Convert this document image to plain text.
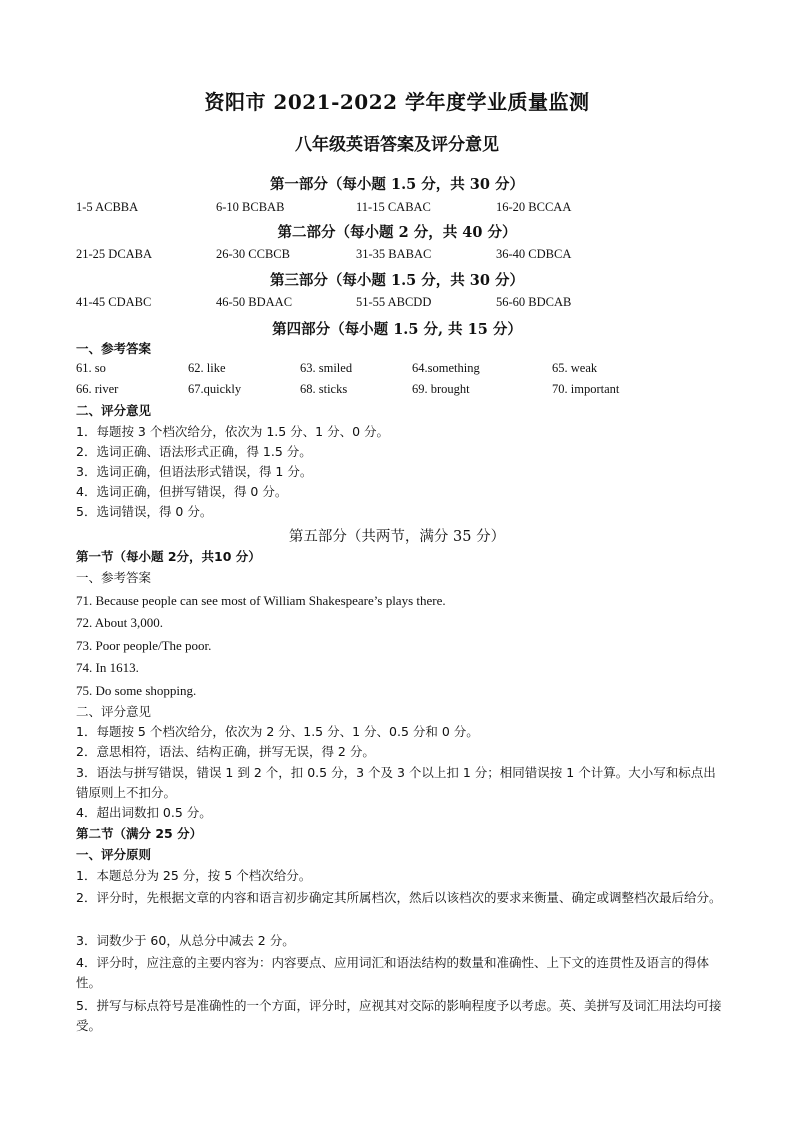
资阳市 2021-2022 学年度学业质量监测
八年级英语答案及评分意见
第一部分（每小题 1.5 分，共 30 分）
1-5 ACBBA	6-10 BCBAB	11-15 CABAC	16-20 BCCAA
第二部分（每小题 2 分，共 40 分）
21-25 DCABA	26-30 CCBCB	31-35 BABAC	36-40 CDBCA
第三部分（每小题 1.5 分，共 30 分）
41-45 CDABC	46-50 BDAAC	51-55 ABCDD	56-60 BDCAB
第四部分（每小题 1.5 分, 共 15 分）
一、参考答案
61. so	62. like	63. smiled	64.something	65. weak
66. river	67.quickly	68. sticks	69. brought	70. important
二、评分意见
1．每题按 3 个档次给分，依次为 1.5 分、1 分、0 分。
2．选词正确、语法形式正确，得 1.5 分。
3．选词正确，但语法形式错误，得 1 分。
4．选词正确，但拼写错误，得 0 分。
5．选词错误，得 0 分。
第五部分（共两节，满分 35 分）
第一节（每小题 2分，共10 分）
一、参考答案
71. Because people can see most of William Shakespeare’s plays there.
72. About 3,000.
73. Poor people/The poor.
74. In 1613.
75. Do some shopping.
二、评分意见
1．每题按 5 个档次给分，依次为 2 分、1.5 分、1 分、0.5 分和 0 分。
2．意思相符，语法、结构正确，拼写无误，得 2 分。
3．语法与拼写错误，错误 1 到 2 个，扣 0.5 分，3 个及 3 个以上扣 1 分；相同错误按 1 个计算。大小写和标点出错原则上不扣分。
4．超出词数扣 0.5 分。
第二节（满分 25 分）
一、评分原则
1．本题总分为 25 分，按 5 个档次给分。
2．评分时，先根据文章的内容和语言初步确定其所属档次，然后以该档次的要求来衡量、确定或调整档次最后给分。
3．词数少于 60，从总分中减去 2 分。
4．评分时，应注意的主要内容为：内容要点、应用词汇和语法结构的数量和准确性、上下文的连贯性及语言的得体性。
5．拼写与标点符号是准确性的一个方面，评分时，应视其对交际的影响程度予以考虑。英、美拼写及词汇用法均可接受。
